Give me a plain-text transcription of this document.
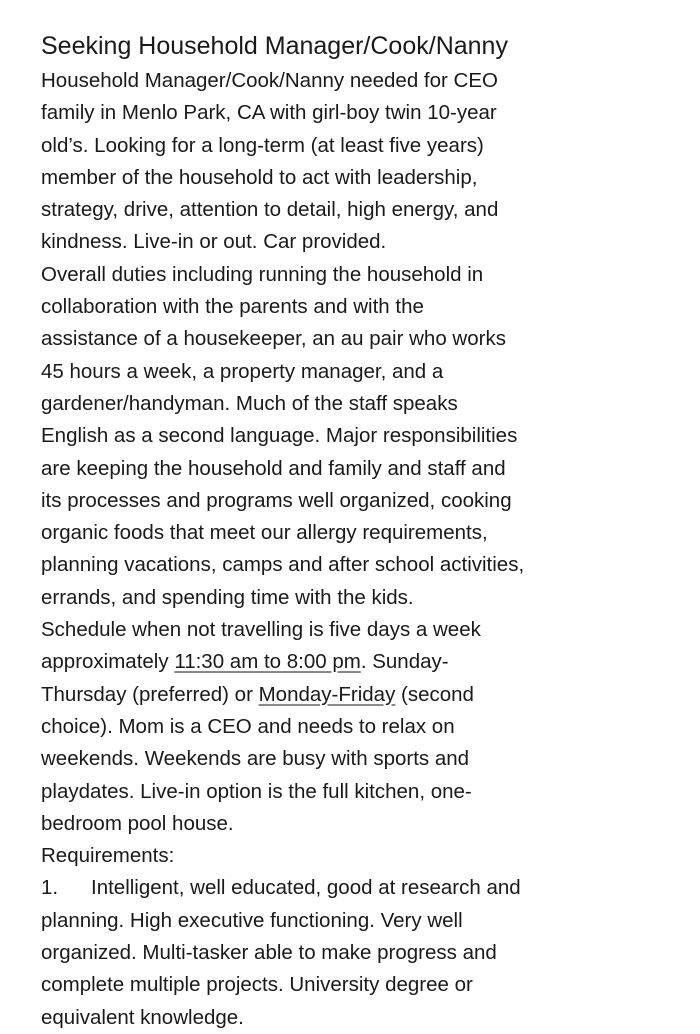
Seeking Household Manager/Cook/Nanny
Household Manager/Cook/Nanny needed for CEO
family in Menlo Park, CA with girl-boy twin 10-year
old’s. Looking for a long-term (at least five years)
member of the household to act with leadership,
strategy, drive, attention to detail, high energy, and
kindness. Live-in or out. Car provided.
Overall duties including running the household in
collaboration with the parents and with the
assistance of a housekeeper, an au pair who works
45 hours a week, a property manager, and a
gardener/handyman. Much of the staff speaks
English as a second language. Major responsibilities
are keeping the household and family and staff and
its processes and programs well organized, cooking
organic foods that meet our allergy requirements,
planning vacations, camps and after school activities,
errands, and spending time with the kids.
Schedule when not travelling is five days a week
approximately 11:30 am to 8:00 pm. Sunday-
Thursday (preferred) or Monday-Friday (second
choice). Mom is a CEO and needs to relax on
weekends. Weekends are busy with sports and
playdates. Live-in option is the full kitchen, one-
bedroom pool house.
Requirements:
1. Intelligent, well educated, good at research and
planning. High executive functioning. Very well
organized. Multi-tasker able to make progress and
complete multiple projects. University degree or
equivalent knowledge.
